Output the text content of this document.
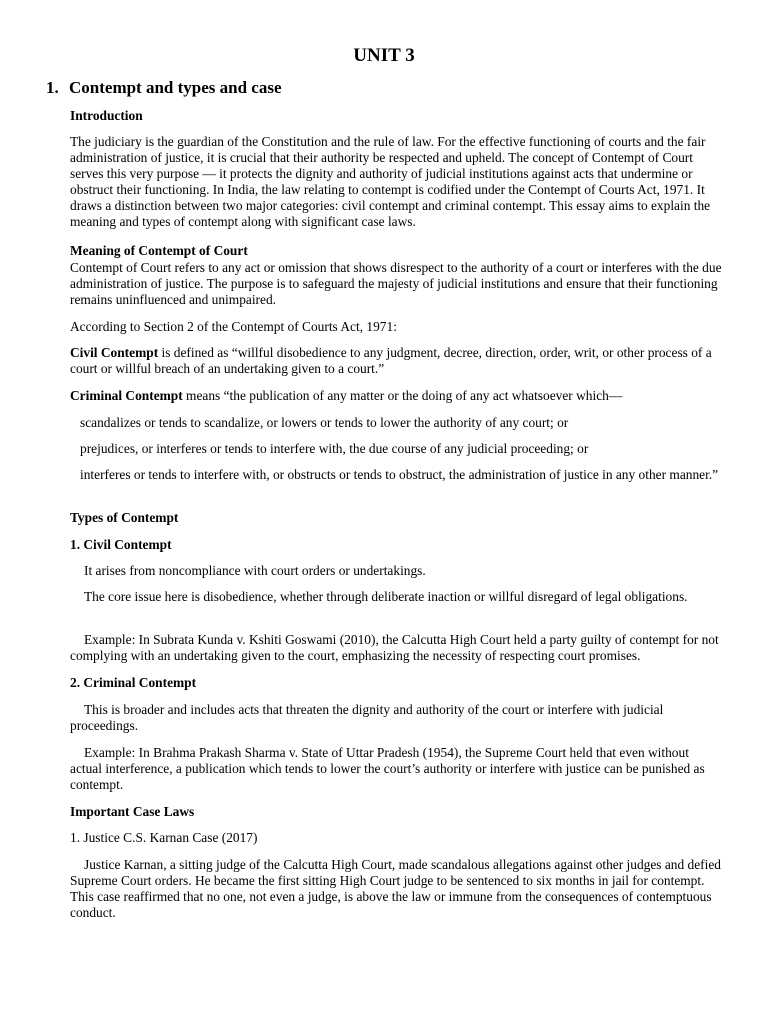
UNIT 3
1. Contempt and types and case

Introduction

The judiciary is the guardian of the Constitution and the rule of law. For the effective functioning of courts and the fair administration of justice, it is crucial that their authority be respected and upheld. The concept of Contempt of Court serves this very purpose — it protects the dignity and authority of judicial institutions against acts that undermine or obstruct their functioning. In India, the law relating to contempt is codified under the Contempt of Courts Act, 1971. It draws a distinction between two major categories: civil contempt and criminal contempt. This essay aims to explain the meaning and types of contempt along with significant case laws.

Meaning of Contempt of Court

Contempt of Court refers to any act or omission that shows disrespect to the authority of a court or interferes with the due administration of justice. The purpose is to safeguard the majesty of judicial institutions and ensure that their functioning remains uninfluenced and unimpaired.

According to Section 2 of the Contempt of Courts Act, 1971:

Civil Contempt is defined as “willful disobedience to any judgment, decree, direction, order, writ, or other process of a court or willful breach of an undertaking given to a court.”

Criminal Contempt means “the publication of any matter or the doing of any act whatsoever which—

scandalizes or tends to scandalize, or lowers or tends to lower the authority of any court; or

prejudices, or interferes or tends to interfere with, the due course of any judicial proceeding; or

interferes or tends to interfere with, or obstructs or tends to obstruct, the administration of justice in any other manner.”

Types of Contempt

1. Civil Contempt

It arises from noncompliance with court orders or undertakings.

The core issue here is disobedience, whether through deliberate inaction or willful disregard of legal obligations.

Example: In Subrata Kunda v. Kshiti Goswami (2010), the Calcutta High Court held a party guilty of contempt for not complying with an undertaking given to the court, emphasizing the necessity of respecting court promises.

2. Criminal Contempt

This is broader and includes acts that threaten the dignity and authority of the court or interfere with judicial proceedings.

Example: In Brahma Prakash Sharma v. State of Uttar Pradesh (1954), the Supreme Court held that even without actual interference, a publication which tends to lower the court’s authority or interfere with justice can be punished as contempt.

Important Case Laws

1. Justice C.S. Karnan Case (2017)

Justice Karnan, a sitting judge of the Calcutta High Court, made scandalous allegations against other judges and defied Supreme Court orders. He became the first sitting High Court judge to be sentenced to six months in jail for contempt. This case reaffirmed that no one, not even a judge, is above the law or immune from the consequences of contemptuous conduct.
